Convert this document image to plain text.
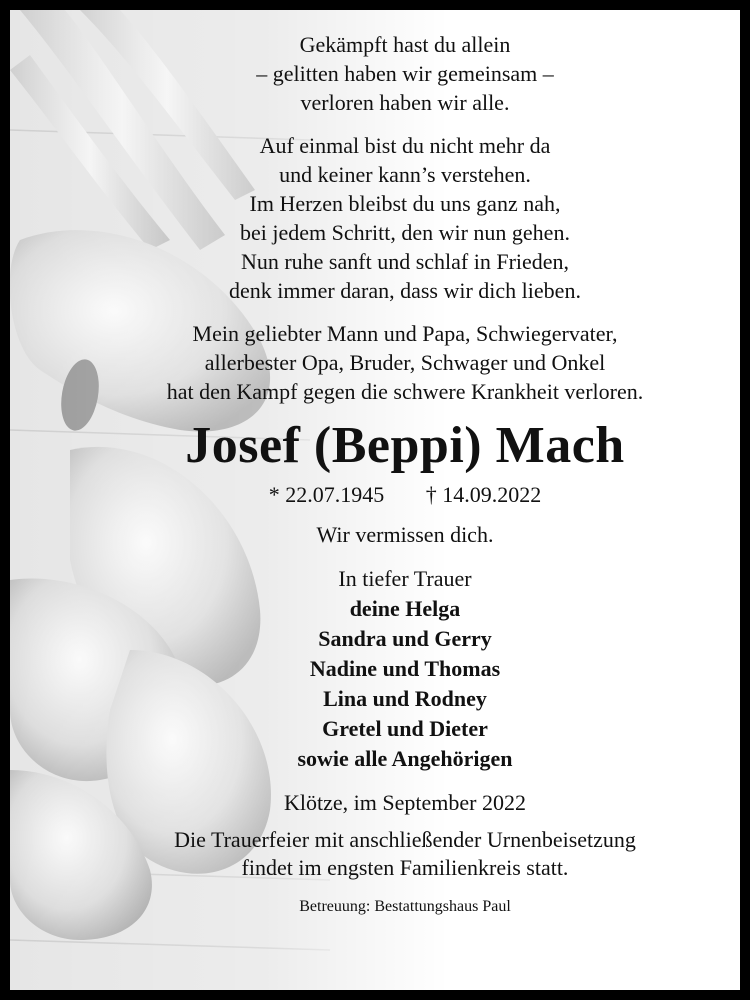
Gekämpft hast du allein
– gelitten haben wir gemeinsam –
verloren haben wir alle.
Auf einmal bist du nicht mehr da
und keiner kann’s verstehen.
Im Herzen bleibst du uns ganz nah,
bei jedem Schritt, den wir nun gehen.
Nun ruhe sanft und schlaf in Frieden,
denk immer daran, dass wir dich lieben.
Mein geliebter Mann und Papa, Schwiegervater,
allerbester Opa, Bruder, Schwager und Onkel
hat den Kampf gegen die schwere Krankheit verloren.
Josef (Beppi) Mach
* 22.07.1945 † 14.09.2022
Wir vermissen dich.
In tiefer Trauer
deine Helga
Sandra und Gerry
Nadine und Thomas
Lina und Rodney
Gretel und Dieter
sowie alle Angehörigen
Klötze, im September 2022
Die Trauerfeier mit anschließender Urnenbeisetzung
findet im engsten Familienkreis statt.
Betreuung: Bestattungshaus Paul
